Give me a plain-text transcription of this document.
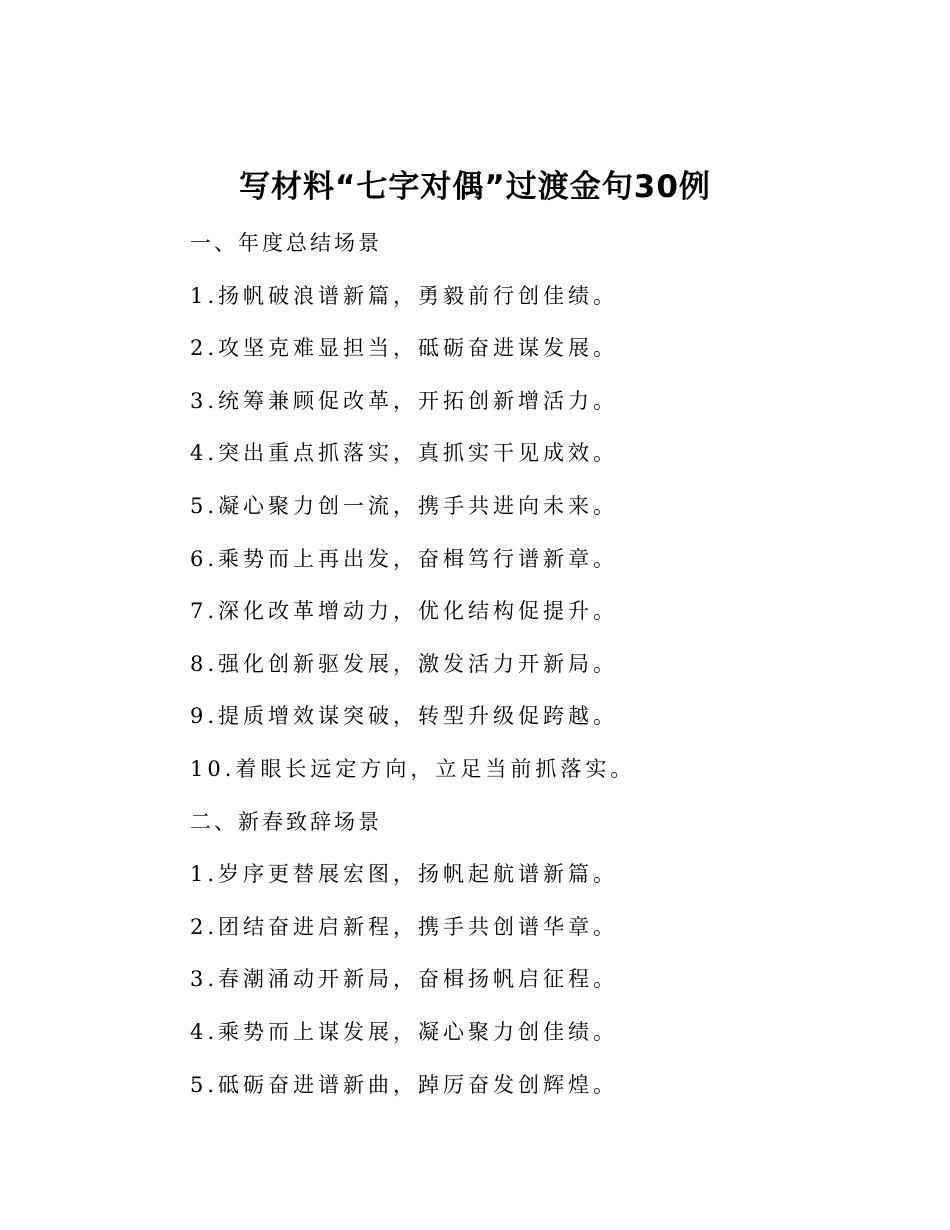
写材料“七字对偶”过渡金句30例
一、年度总结场景
1.扬帆破浪谱新篇，勇毅前行创佳绩。
2.攻坚克难显担当，砥砺奋进谋发展。
3.统筹兼顾促改革，开拓创新增活力。
4.突出重点抓落实，真抓实干见成效。
5.凝心聚力创一流，携手共进向未来。
6.乘势而上再出发，奋楫笃行谱新章。
7.深化改革增动力，优化结构促提升。
8.强化创新驱发展，激发活力开新局。
9.提质增效谋突破，转型升级促跨越。
10.着眼长远定方向，立足当前抓落实。
二、新春致辞场景
1.岁序更替展宏图，扬帆起航谱新篇。
2.团结奋进启新程，携手共创谱华章。
3.春潮涌动开新局，奋楫扬帆启征程。
4.乘势而上谋发展，凝心聚力创佳绩。
5.砥砺奋进谱新曲，踔厉奋发创辉煌。
